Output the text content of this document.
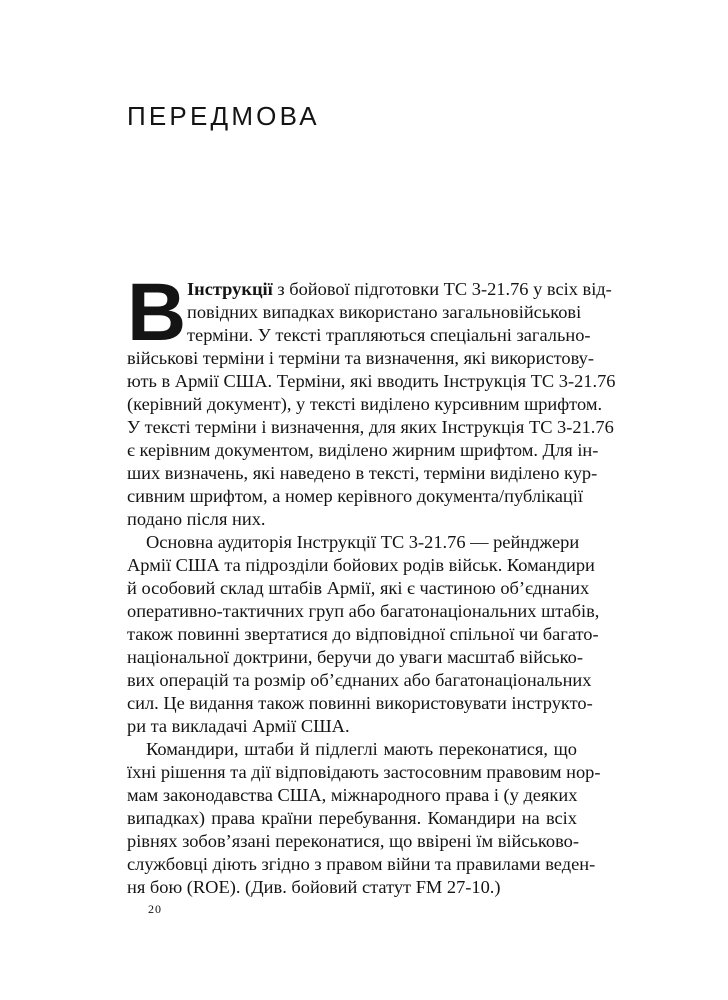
ПЕРЕДМОВА
В Інструкції з бойової підготовки ТС 3-21.76 у всіх від-
повідних випадках використано загальновійськові
терміни. У тексті трапляються спеціальні загально-
військові терміни і терміни та визначення, які використову-
ють в Армії США. Терміни, які вводить Інструкція ТС 3-21.76
(керівний документ), у тексті виділено курсивним шрифтом.
У тексті терміни і визначення, для яких Інструкція ТС 3-21.76
є керівним документом, виділено жирним шрифтом. Для ін-
ших визначень, які наведено в тексті, терміни виділено кур-
сивним шрифтом, а номер керівного документа/публікації
подано після них.
Основна аудиторія Інструкції ТС 3-21.76 — рейнджери
Армії США та підрозділи бойових родів військ. Командири
й особовий склад штабів Армії, які є частиною об’єднаних
оперативно-тактичних груп або багатонаціональних штабів,
також повинні звертатися до відповідної спільної чи багато-
національної доктрини, беручи до уваги масштаб військо-
вих операцій та розмір об’єднаних або багатонаціональних
сил. Це видання також повинні використовувати інструкто-
ри та викладачі Армії США.
Командири, штаби й підлеглі мають переконатися, що
їхні рішення та дії відповідають застосовним правовим нор-
мам законодавства США, міжнародного права і (у деяких
випадках) права країни перебування. Командири на всіх
рівнях зобов’язані переконатися, що ввірені їм військово-
службовці діють згідно з правом війни та правилами веден-
ня бою (ROE). (Див. бойовий статут FM 27-10.)
20
